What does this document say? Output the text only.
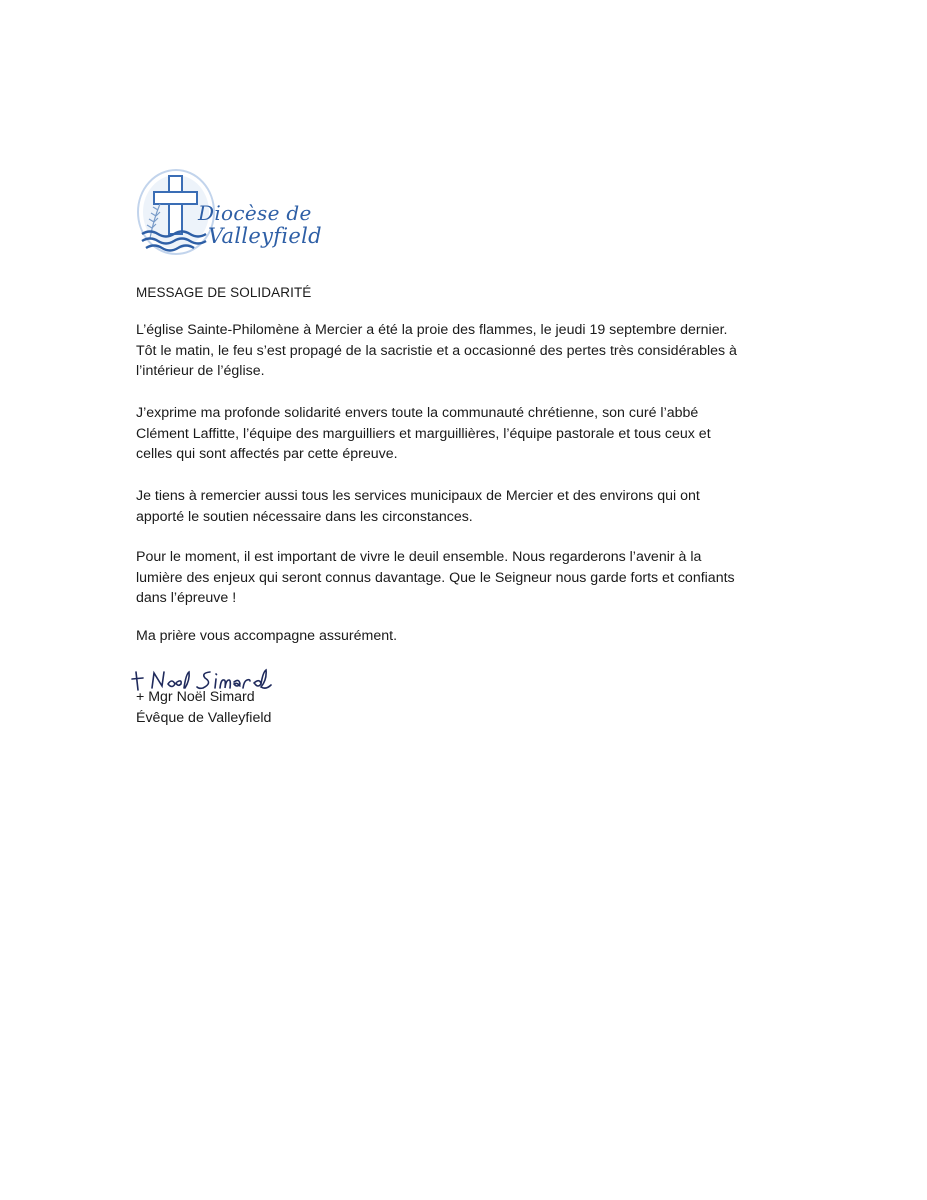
Diocèse de
Valleyfield
MESSAGE DE SOLIDARITÉ
L’église Sainte-Philomène à Mercier a été la proie des flammes, le jeudi 19 septembre dernier.
Tôt le matin, le feu s’est propagé de la sacristie et a occasionné des pertes très considérables à
l’intérieur de l’église.
J’exprime ma profonde solidarité envers toute la communauté chrétienne, son curé l’abbé
Clément Laffitte, l’équipe des marguilliers et marguillières, l’équipe pastorale et tous ceux et
celles qui sont affectés par cette épreuve.
Je tiens à remercier aussi tous les services municipaux de Mercier et des environs qui ont
apporté le soutien nécessaire dans les circonstances.
Pour le moment, il est important de vivre le deuil ensemble. Nous regarderons l’avenir à la
lumière des enjeux qui seront connus davantage. Que le Seigneur nous garde forts et confiants
dans l’épreuve !
Ma prière vous accompagne assurément.
+ Mgr Noël Simard
Évêque de Valleyfield
